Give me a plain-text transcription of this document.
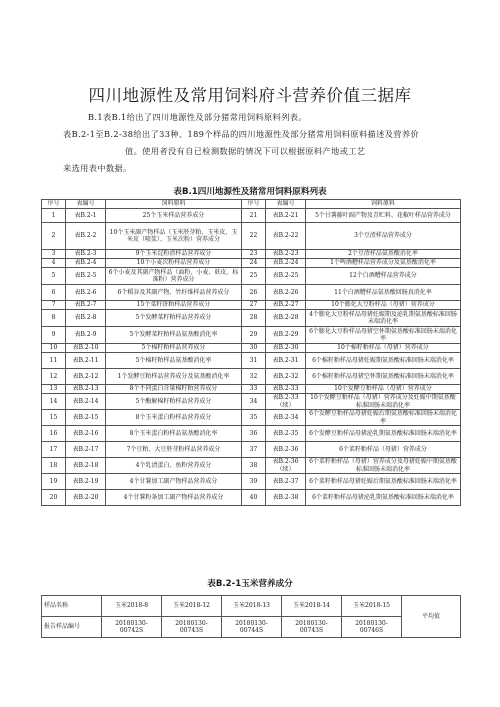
四川地源性及常用饲料府斗营养价值三据库
B.1表B.1给出了四川地源性及部分猪常用饲料原料列表。
表B.2-1至B.2-38给出了33种、189个样品的四川地源性及部分猪常用饲料原料描述及营养价
值。使用者没有自已检测数据的情况下可以根据原料产地或工艺
来选用表中数据。
表B.1四川地源性及猪常用饲料原料列表
序号	表编号	饲料原料	序号	表编号	饲料原料
1	表B.2-1	25个玉米样品营养成分	21	表B.2-21	5个甘薯藤叶副产物及青贮料、花椒叶样品营养成分
2	表B.2-2	10个玉米副产物样品（玉米胚芽粕、玉米皮、玉米皮（喷浆）、玉米次粉）营养成分	22	表B.2-22	3个豆渣样品营养成分
3	表B.2-3	9个玉米淀粉渣样品营养成分	23	表B.2-23	2个豆渣样品氨基酸消化率
4	表B.2-4	10个小麦次粉样品营养成分	24	表B.2-24	1个啤酒糟样品营养成分及氨基酸消化率
5	表B.2-5	6个小麦及其副产物样品（面粉、小麦、麸皮、标准粉）营养成分	25	表B.2-25	12个白酒糟样品营养成分
6	表B.2-6	6个稻谷及其副产物、竹纤维样品营养成分	26	表B.2-26	11个白酒糟样品氨基酸回肠真消化率
7	表B.2-7	15个菜籽饼粕样品营养成分	27	表B.2-27	10个膨化大豆粉样品（母猪）营养成分
8	表B.2-8	5个发酵菜籽粕样品营养成分	28	表B.2-28	4个膨化大豆粉样品母猪妊娠期及泌乳期氨基酸标准回肠末端消化率
9	表B.2-9	5个发酵菜籽粕样品氨基酸消化率	29	表B.2-29	6个膨化大豆粉样品母猪空怀期氨基酸标准回肠末端消化率
10	表B.2-10	5个棉籽粕样品营养成分	30	表B.2-30	10个棉籽粕样品（母猪）营养成分
11	表B.2-11	5个棉籽粕样品氨基酸消化率	31	表B.2-31	6个棉籽粕样品母猪妊娠期氨基酸标准回肠末端消化率
12	表B.2-12	1个发酵豆粕样品营养成分及氨基酸消化率	32	表B.2-32	6个棉籽粕样品母猪空怀期氨基酸标准回肠末端消化率
13	表B.2-13	8个不同蛋白含量棉籽粕营养成分	33	表B.2-33	10个发酵豆粕样品（母猪）营养成分
14	表B.2-14	5个酶解棉籽粕样品营养成分	34	表B.2-33（续）	10个发酵豆粕样品（母猪）营养成分及妊娠中期氨基酸标准回肠末端消化率
15	表B.2-15	8个玉米蛋白粉样品营养成分	35	表B.2-34	6个发酵豆粕样品母猪妊娠后期氨基酸标准回肠末端消化率
16	表B.2-16	8个玉米蛋白粉样品氨基酸消化率	36	表B.2-35	6个发酵豆粕样品母猪泌乳期氨基酸标准回肠末端消化率
17	表B.2-17	7个豆粕、大豆胚芽粉样品营养成分	37	表B.2-36	6个菜籽粕样品（母猪）营养成分
18	表B.2-18	4个乳清蛋白、鱼粉营养成分	38	表B.2-36（续）	6个菜籽粕样品（母猪）营养成分及母猪妊娠中期氨基酸标准回肠末端消化率
19	表B.2-19	4个甘薯加工副产物样品营养成分	39	表B.2-37	6个菜籽粕样品母猪妊娠后期氨基酸标准回肠末端消化率
20	表B.2-20	4个甘薯粉条加工副产物样品营养成分	40	表B.2-38	6个菜籽粕样品母猪泌乳期氨基酸标准回肠末端消化率
表B.2-1玉米营养成分
样品名称	玉米2018-8	玉米2018-12	玉米2018-13	玉米2018-14	玉米2018-15	平均值
报告样品编号	20180130-00742S	20180130-00743S	20180130-00744S	20180130-00743S	20180130-00746S	
